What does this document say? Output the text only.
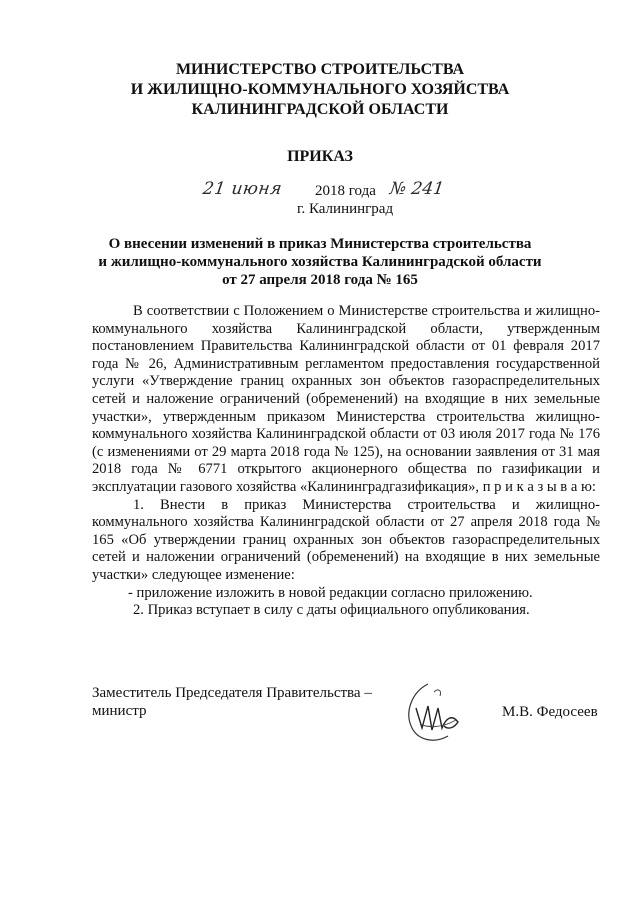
МИНИСТЕРСТВО СТРОИТЕЛЬСТВА
И ЖИЛИЩНО-КОММУНАЛЬНОГО ХОЗЯЙСТВА
КАЛИНИНГРАДСКОЙ ОБЛАСТИ
ПРИКАЗ
21 июня 2018 года № 241
г. Калининград
О внесении изменений в приказ Министерства строительства
и жилищно-коммунального хозяйства Калининградской области
от 27 апреля 2018 года № 165

В соответствии с Положением о Министерстве строительства и жилищно-коммунального хозяйства Калининградской области, утвержденным постановлением Правительства Калининградской области от 01 февраля 2017 года № 26, Административным регламентом предоставления государственной услуги «Утверждение границ охранных зон объектов газораспределительных сетей и наложение ограничений (обременений) на входящие в них земельные участки», утвержденным приказом Министерства строительства жилищно-коммунального хозяйства Калининградской области от 03 июля 2017 года № 176 (с изменениями от 29 марта 2018 года № 125), на основании заявления от 31 мая 2018 года № 6771 открытого акционерного общества по газификации и эксплуатации газового хозяйства «Калининградгазификация», п р и к а з ы в а ю:

1. Внести в приказ Министерства строительства и жилищно-коммунального хозяйства Калининградской области от 27 апреля 2018 года № 165 «Об утверждении границ охранных зон объектов газораспределительных сетей и наложении ограничений (обременений) на входящие в них земельные участки» следующее изменение:

- приложение изложить в новой редакции согласно приложению.

2. Приказ вступает в силу с даты официального опубликования.

Заместитель Председателя Правительства –
министр	М.В. Федосеев
